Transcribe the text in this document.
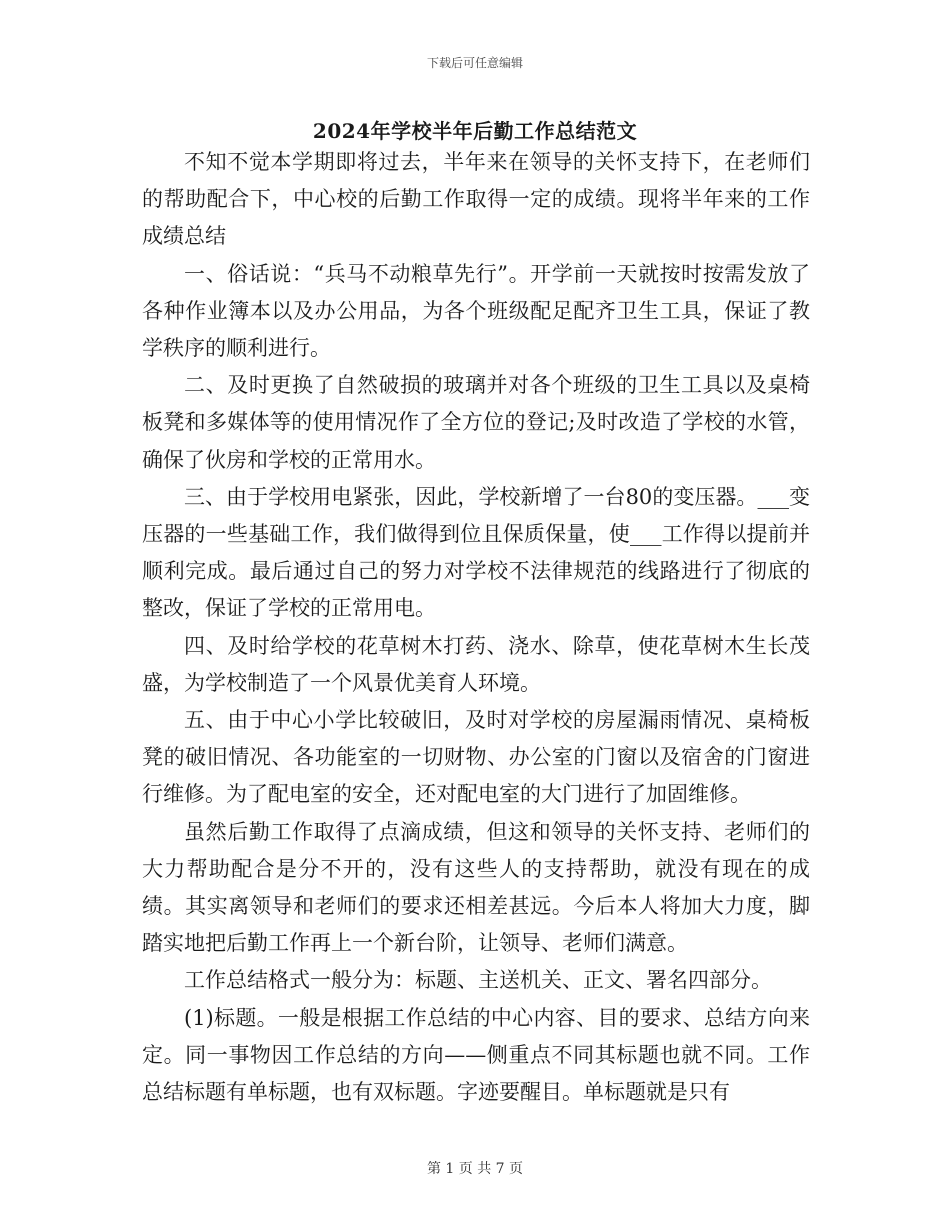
下载后可任意编辑
2024年学校半年后勤工作总结范文

不知不觉本学期即将过去，半年来在领导的关怀支持下，在老师们的帮助配合下，中心校的后勤工作取得一定的成绩。现将半年来的工作成绩总结

一、俗话说：“兵马不动粮草先行”。开学前一天就按时按需发放了各种作业簿本以及办公用品，为各个班级配足配齐卫生工具，保证了教学秩序的顺利进行。

二、及时更换了自然破损的玻璃并对各个班级的卫生工具以及桌椅板凳和多媒体等的使用情况作了全方位的登记;及时改造了学校的水管，确保了伙房和学校的正常用水。

三、由于学校用电紧张，因此，学校新增了一台80的变压器。___变压器的一些基础工作，我们做得到位且保质保量，使___工作得以提前并顺利完成。最后通过自己的努力对学校不法律规范的线路进行了彻底的整改，保证了学校的正常用电。

四、及时给学校的花草树木打药、浇水、除草，使花草树木生长茂盛，为学校制造了一个风景优美育人环境。

五、由于中心小学比较破旧，及时对学校的房屋漏雨情况、桌椅板凳的破旧情况、各功能室的一切财物、办公室的门窗以及宿舍的门窗进行维修。为了配电室的安全，还对配电室的大门进行了加固维修。

虽然后勤工作取得了点滴成绩，但这和领导的关怀支持、老师们的大力帮助配合是分不开的，没有这些人的支持帮助，就没有现在的成绩。其实离领导和老师们的要求还相差甚远。今后本人将加大力度，脚踏实地把后勤工作再上一个新台阶，让领导、老师们满意。

工作总结格式一般分为：标题、主送机关、正文、署名四部分。

(1)标题。一般是根据工作总结的中心内容、目的要求、总结方向来定。同一事物因工作总结的方向——侧重点不同其标题也就不同。工作总结标题有单标题，也有双标题。字迹要醒目。单标题就是只有

第 1 页 共 7 页
